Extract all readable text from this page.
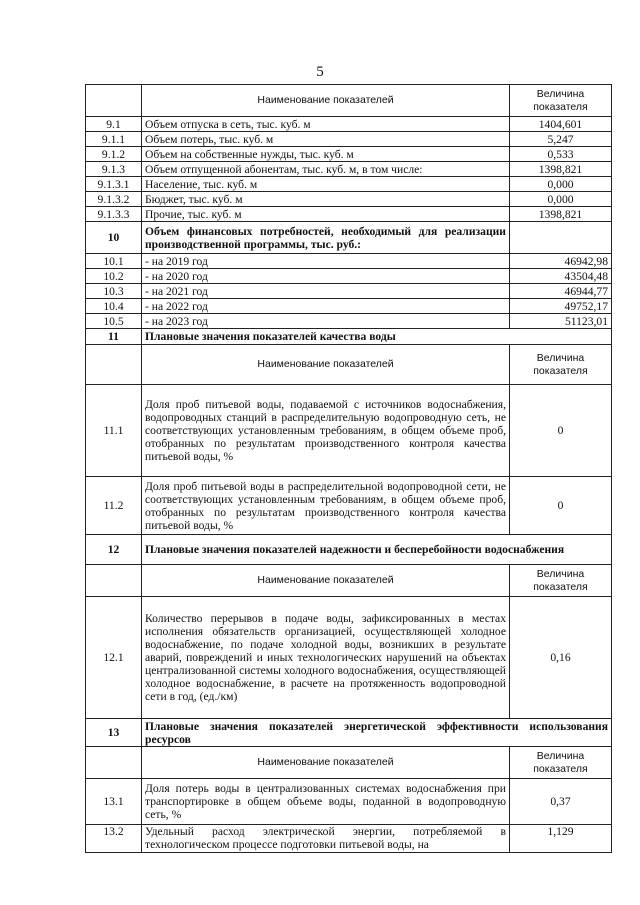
5
	Наименование показателей	Величина показателя
9.1	Объем отпуска в сеть, тыс. куб. м	1404,601
9.1.1	Объем потерь, тыс. куб. м	5,247
9.1.2	Объем на собственные нужды, тыс. куб. м	0,533
9.1.3	Объем отпущенной абонентам, тыс. куб. м, в том числе:	1398,821
9.1.3.1	Население, тыс. куб. м	0,000
9.1.3.2	Бюджет, тыс. куб. м	0,000
9.1.3.3	Прочие, тыс. куб. м	1398,821
10	Объем финансовых потребностей, необходимый для реализации производственной программы, тыс. руб.:	
10.1	- на 2019 год	46942,98
10.2	- на 2020 год	43504,48
10.3	- на 2021 год	46944,77
10.4	- на 2022 год	49752,17
10.5	- на 2023 год	51123,01
11	Плановые значения показателей качества воды	
	Наименование показателей	Величина показателя
11.1	Доля проб питьевой воды, подаваемой с источников водоснабжения, водопроводных станций в распределительную водопроводную сеть, не соответствующих установленным требованиям, в общем объеме проб, отобранных по результатам производственного контроля качества питьевой воды, %	0
11.2	Доля проб питьевой воды в распределительной водопроводной сети, не соответствующих установленным требованиям, в общем объеме проб, отобранных по результатам производственного контроля качества питьевой воды, %	0
12	Плановые значения показателей надежности и бесперебойности водоснабжения	
	Наименование показателей	Величина показателя
12.1	Количество перерывов в подаче воды, зафиксированных в местах исполнения обязательств организацией, осуществляющей холодное водоснабжение, по подаче холодной воды, возникших в результате аварий, повреждений и иных технологических нарушений на объектах централизованной системы холодного водоснабжения, осуществляющей холодное водоснабжение, в расчете на протяженность водопроводной сети в год, (ед./км)	0,16
13	Плановые значения показателей энергетической эффективности использования ресурсов	
	Наименование показателей	Величина показателя
13.1	Доля потерь воды в централизованных системах водоснабжения при транспортировке в общем объеме воды, поданной в водопроводную сеть, %	0,37
13.2	Удельный расход электрической энергии, потребляемой в технологическом процессе подготовки питьевой воды, на	1,129
